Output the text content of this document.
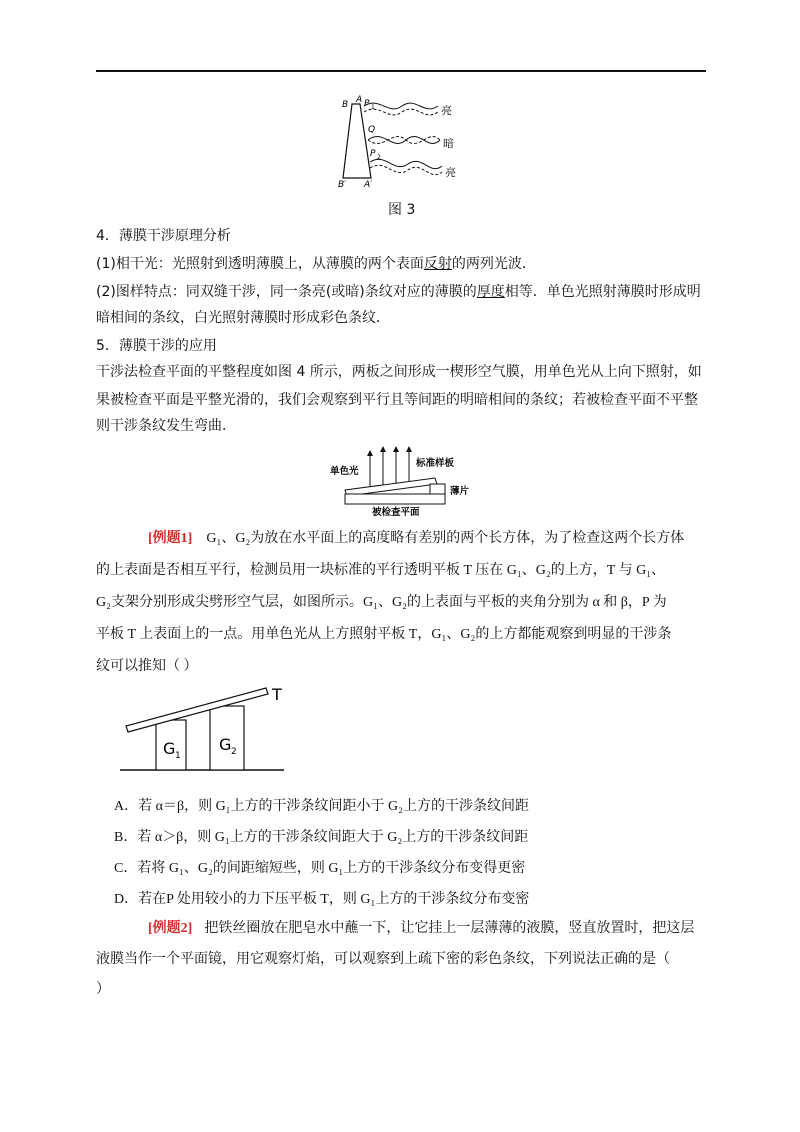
B A P 1
Q
P 2
B′ A′
亮
暗
亮
图 3
4．薄膜干涉原理分析
(1)相干光：光照射到透明薄膜上，从薄膜的两个表面反射的两列光波．
(2)图样特点：同双缝干涉，同一条亮(或暗)条纹对应的薄膜的厚度相等．单色光照射薄膜时形成明
暗相间的条纹，白光照射薄膜时形成彩色条纹．
5．薄膜干涉的应用
干涉法检查平面的平整程度如图 4 所示，两板之间形成一楔形空气膜，用单色光从上向下照射，如
果被检查平面是平整光滑的，我们会观察到平行且等间距的明暗相间的条纹；若被检查平面不平整
则干涉条纹发生弯曲．
单色光
标准样板
薄片
被检查平面
[例题1] G₁、G₂为放在水平面上的高度略有差别的两个长方体，为了检查这两个长方体
的上表面是否相互平行，检测员用一块标准的平行透明平板 T 压在 G₁、G₂的上方，T 与 G₁、
G₂支架分别形成尖劈形空气层，如图所示。G₁、G₂的上表面与平板的夹角分别为 α 和 β，P 为
平板 T 上表面上的一点。用单色光从上方照射平板 T，G₁、G₂的上方都能观察到明显的干涉条
纹可以推知（ ）
T
G 1
G 2
A．若 α＝β，则 G₁上方的干涉条纹间距小于 G₂上方的干涉条纹间距
B．若 α＞β，则 G₁上方的干涉条纹间距大于 G₂上方的干涉条纹间距
C．若将 G₁、G₂的间距缩短些，则 G₁上方的干涉条纹分布变得更密
D．若在P 处用较小的力下压平板 T，则 G₁上方的干涉条纹分布变密
[例题2] 把铁丝圈放在肥皂水中蘸一下，让它挂上一层薄薄的液膜，竖直放置时，把这层
液膜当作一个平面镜，用它观察灯焰，可以观察到上疏下密的彩色条纹，下列说法正确的是（
）
